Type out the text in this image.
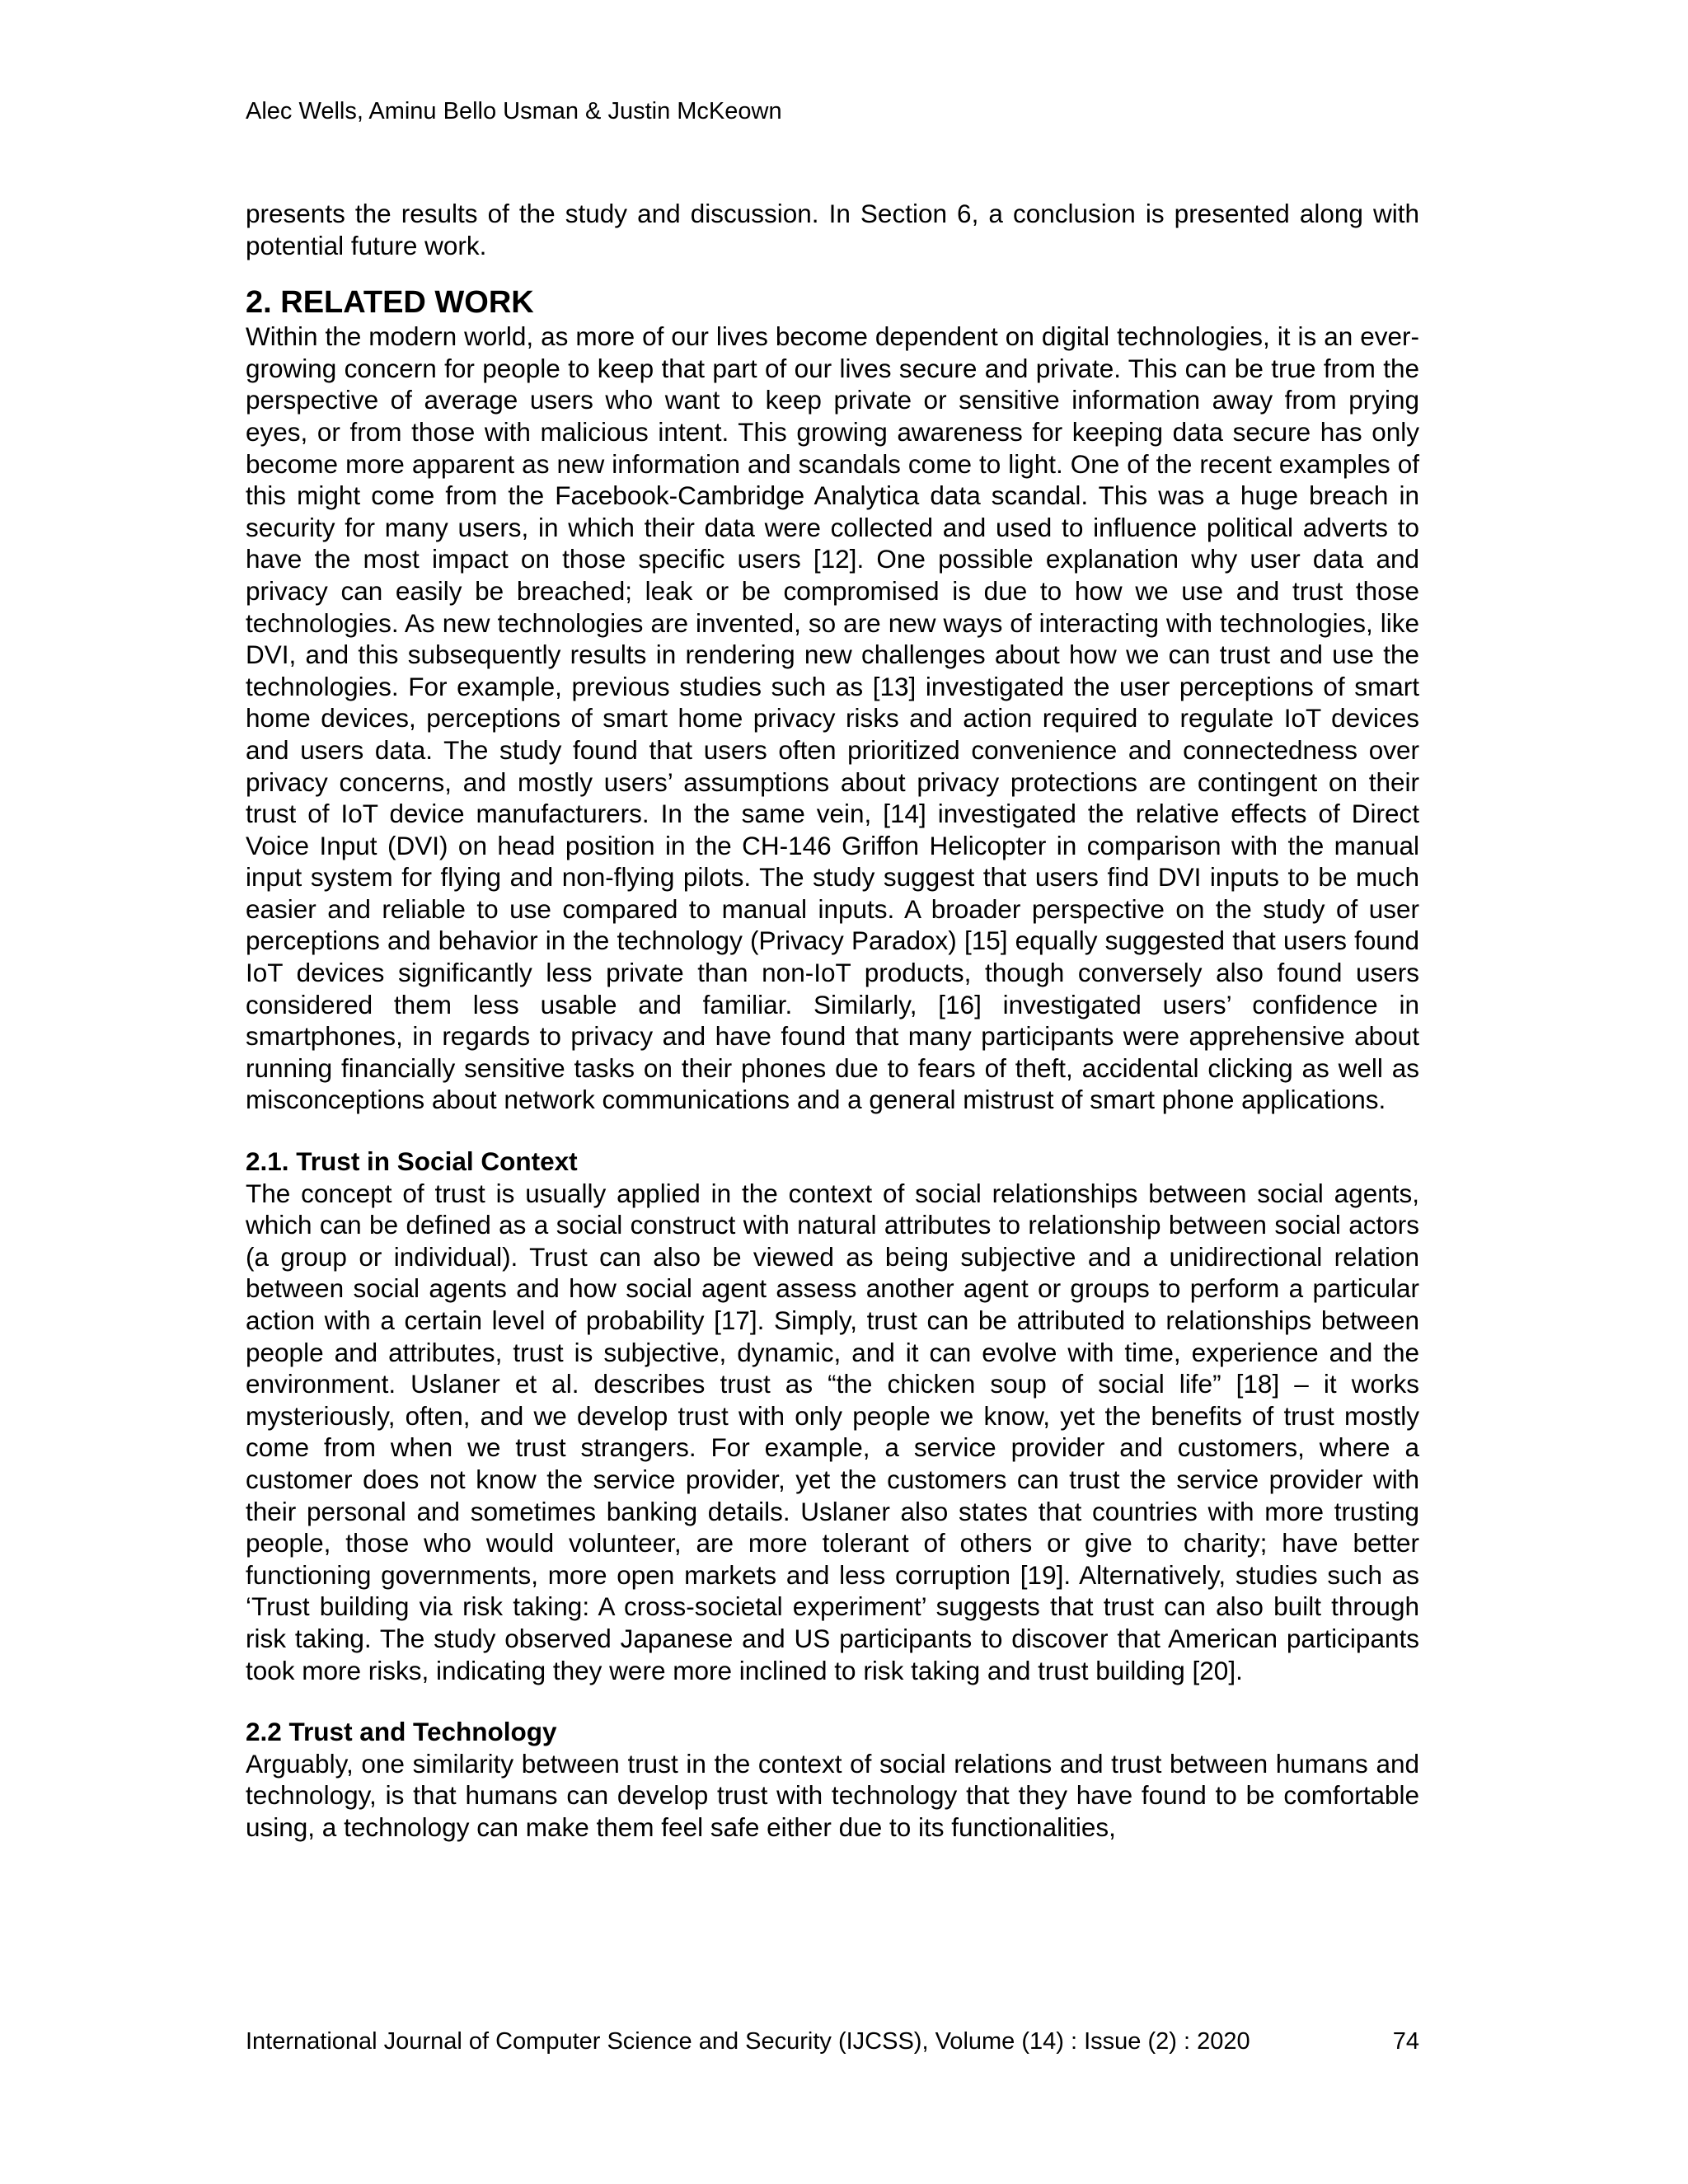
Alec Wells, Aminu Bello Usman & Justin McKeown

presents the results of the study and discussion. In Section 6, a conclusion is presented along with potential future work.

2. RELATED WORK

Within the modern world, as more of our lives become dependent on digital technologies, it is an ever-growing concern for people to keep that part of our lives secure and private. This can be true from the perspective of average users who want to keep private or sensitive information away from prying eyes, or from those with malicious intent. This growing awareness for keeping data secure has only become more apparent as new information and scandals come to light. One of the recent examples of this might come from the Facebook-Cambridge Analytica data scandal. This was a huge breach in security for many users, in which their data were collected and used to influence political adverts to have the most impact on those specific users [12]. One possible explanation why user data and privacy can easily be breached; leak or be compromised is due to how we use and trust those technologies. As new technologies are invented, so are new ways of interacting with technologies, like DVI, and this subsequently results in rendering new challenges about how we can trust and use the technologies. For example, previous studies such as [13] investigated the user perceptions of smart home devices, perceptions of smart home privacy risks and action required to regulate IoT devices and users data. The study found that users often prioritized convenience and connectedness over privacy concerns, and mostly users’ assumptions about privacy protections are contingent on their trust of IoT device manufacturers. In the same vein, [14] investigated the relative effects of Direct Voice Input (DVI) on head position in the CH-146 Griffon Helicopter in comparison with the manual input system for flying and non-flying pilots. The study suggest that users find DVI inputs to be much easier and reliable to use compared to manual inputs. A broader perspective on the study of user perceptions and behavior in the technology (Privacy Paradox) [15] equally suggested that users found IoT devices significantly less private than non-IoT products, though conversely also found users considered them less usable and familiar. Similarly, [16] investigated users’ confidence in smartphones, in regards to privacy and have found that many participants were apprehensive about running financially sensitive tasks on their phones due to fears of theft, accidental clicking as well as misconceptions about network communications and a general mistrust of smart phone applications.

2.1. Trust in Social Context

The concept of trust is usually applied in the context of social relationships between social agents, which can be defined as a social construct with natural attributes to relationship between social actors (a group or individual). Trust can also be viewed as being subjective and a unidirectional relation between social agents and how social agent assess another agent or groups to perform a particular action with a certain level of probability [17]. Simply, trust can be attributed to relationships between people and attributes, trust is subjective, dynamic, and it can evolve with time, experience and the environment. Uslaner et al. describes trust as “the chicken soup of social life” [18] – it works mysteriously, often, and we develop trust with only people we know, yet the benefits of trust mostly come from when we trust strangers. For example, a service provider and customers, where a customer does not know the service provider, yet the customers can trust the service provider with their personal and sometimes banking details. Uslaner also states that countries with more trusting people, those who would volunteer, are more tolerant of others or give to charity; have better functioning governments, more open markets and less corruption [19]. Alternatively, studies such as ‘Trust building via risk taking: A cross-societal experiment’ suggests that trust can also built through risk taking. The study observed Japanese and US participants to discover that American participants took more risks, indicating they were more inclined to risk taking and trust building [20].

2.2 Trust and Technology

Arguably, one similarity between trust in the context of social relations and trust between humans and technology, is that humans can develop trust with technology that they have found to be comfortable using, a technology can make them feel safe either due to its functionalities,

International Journal of Computer Science and Security (IJCSS), Volume (14) : Issue (2) : 2020	74
